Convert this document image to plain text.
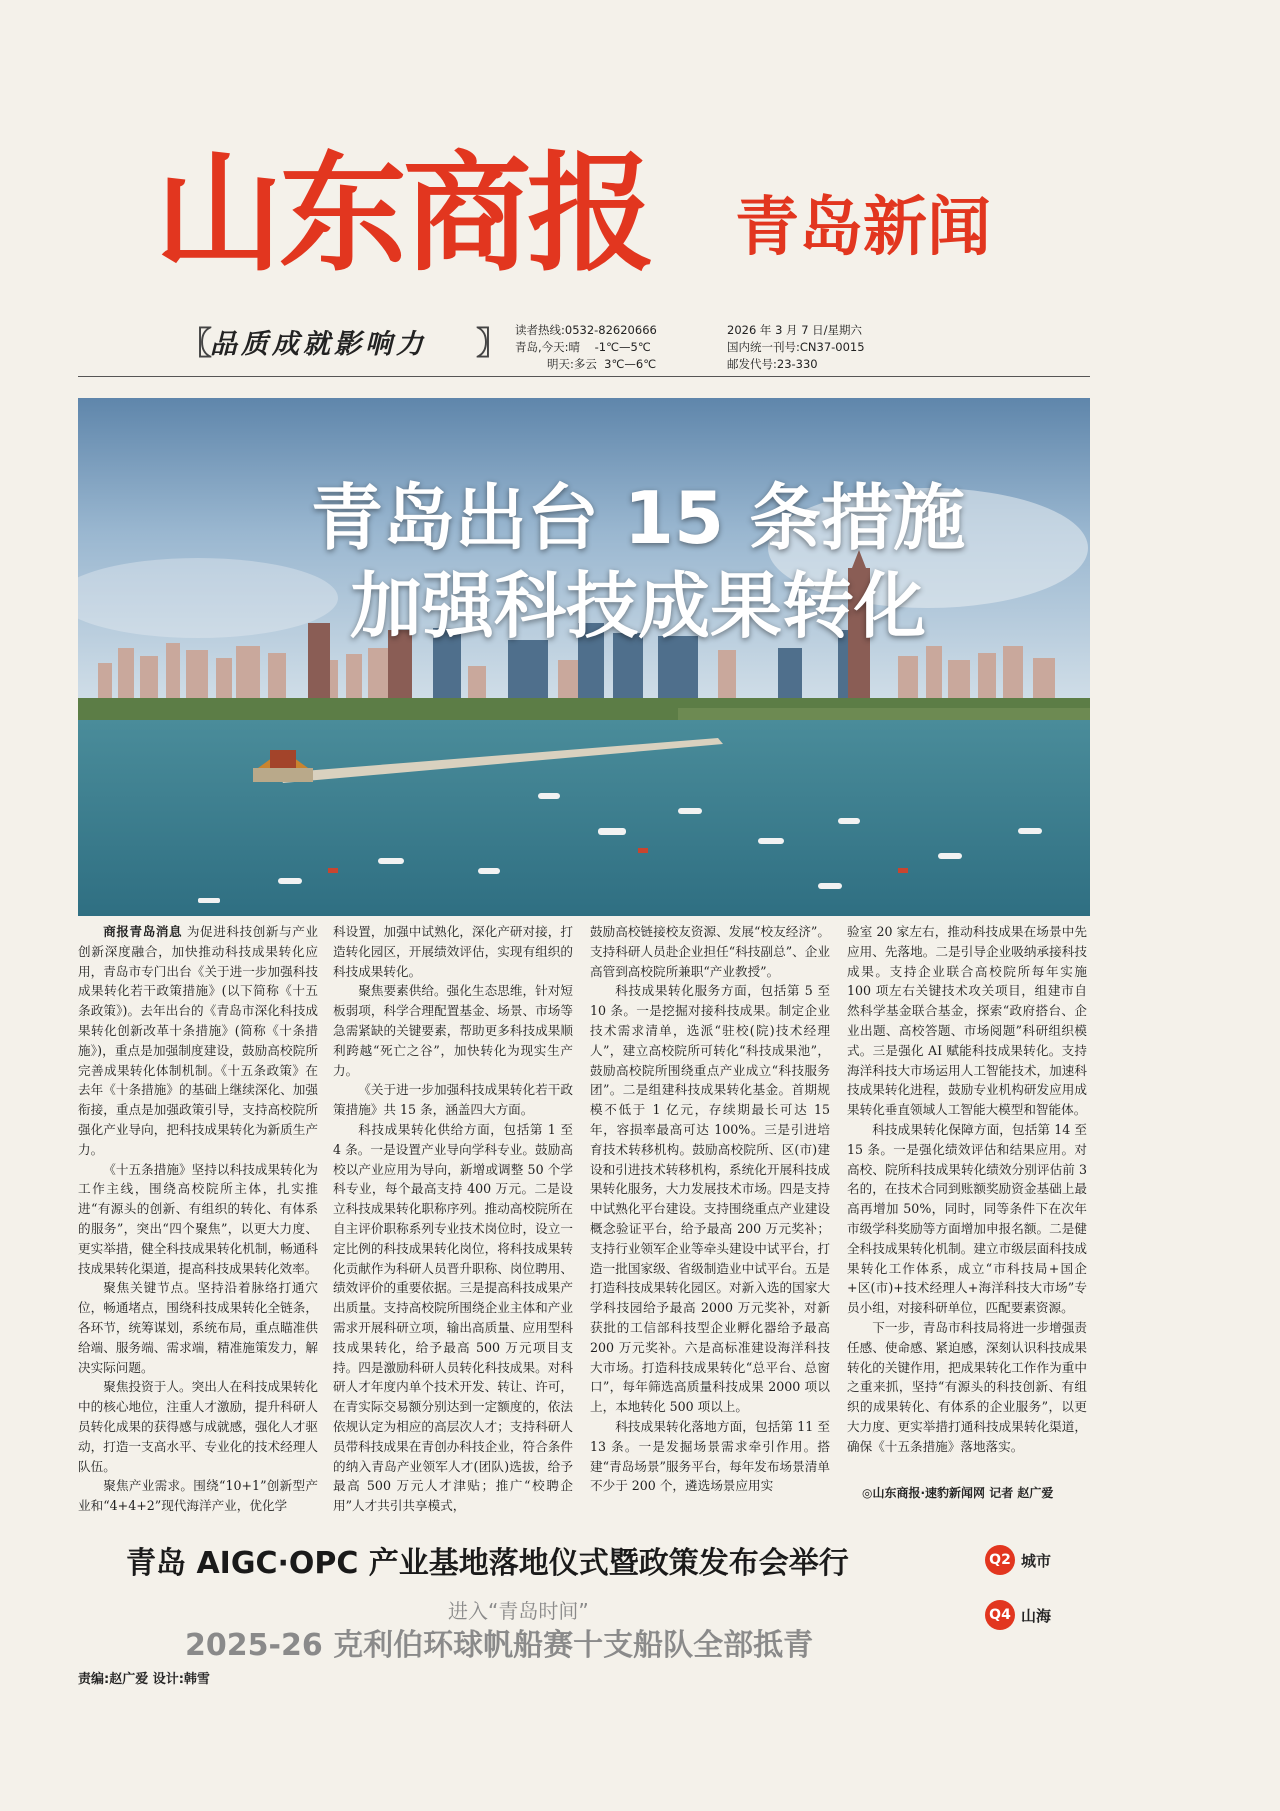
山东商报 青岛新闻
〖
品质成就影响力 〗 读者热线:0532-82620666
青岛,今天:晴    -1℃—5℃
明天:多云  3℃—6℃
2026 年 3 月 7 日/星期六
国内统一刊号:CN37-0015
邮发代号:23-330
青岛出台 15 条措施
加强科技成果转化

商报青岛消息 为促进科技创新与产业创新深度融合，加快推动科技成果转化应用，青岛市专门出台《关于进一步加强科技成果转化若干政策措施》(以下简称《十五条政策》)。去年出台的《青岛市深化科技成果转化创新改革十条措施》(简称《十条措施》)，重点是加强制度建设，鼓励高校院所完善成果转化体制机制。《十五条政策》在去年《十条措施》的基础上继续深化、加强衔接，重点是加强政策引导，支持高校院所强化产业导向，把科技成果转化为新质生产力。

《十五条措施》坚持以科技成果转化为工作主线，围绕高校院所主体，扎实推进“有源头的创新、有组织的转化、有体系的服务”，突出“四个聚焦”，以更大力度、更实举措，健全科技成果转化机制，畅通科技成果转化渠道，提高科技成果转化效率。

聚焦关键节点。坚持沿着脉络打通穴位，畅通堵点，围绕科技成果转化全链条，各环节，统筹谋划，系统布局，重点瞄准供给端、服务端、需求端，精准施策发力，解决实际问题。

聚焦投资于人。突出人在科技成果转化中的核心地位，注重人才激励，提升科研人员转化成果的获得感与成就感，强化人才驱动，打造一支高水平、专业化的技术经理人队伍。

聚焦产业需求。围绕“10+1”创新型产业和“4+4+2”现代海洋产业，优化学

科设置，加强中试熟化，深化产研对接，打造转化园区，开展绩效评估，实现有组织的科技成果转化。

聚焦要素供给。强化生态思维，针对短板弱项，科学合理配置基金、场景、市场等急需紧缺的关键要素，帮助更多科技成果顺利跨越“死亡之谷”，加快转化为现实生产力。

《关于进一步加强科技成果转化若干政策措施》共 15 条，涵盖四大方面。

科技成果转化供给方面，包括第 1 至 4 条。一是设置产业导向学科专业。鼓励高校以产业应用为导向，新增或调整 50 个学科专业，每个最高支持 400 万元。二是设立科技成果转化职称序列。推动高校院所在自主评价职称系列专业技术岗位时，设立一定比例的科技成果转化岗位，将科技成果转化贡献作为科研人员晋升职称、岗位聘用、绩效评价的重要依据。三是提高科技成果产出质量。支持高校院所围绕企业主体和产业需求开展科研立项，输出高质量、应用型科技成果转化，给予最高 500 万元项目支持。四是激励科研人员转化科技成果。对科研人才年度内单个技术开发、转让、许可，在青实际交易额分别达到一定额度的，依法依规认定为相应的高层次人才；支持科研人员带科技成果在青创办科技企业，符合条件的纳入青岛产业领军人才(团队)选拔，给予最高 500 万元人才津贴；推广“校聘企用”人才共引共享模式，

鼓励高校链接校友资源、发展“校友经济”。支持科研人员赴企业担任“科技副总”、企业高管到高校院所兼职“产业教授”。

科技成果转化服务方面，包括第 5 至 10 条。一是挖掘对接科技成果。制定企业技术需求清单，选派“驻校(院)技术经理人”，建立高校院所可转化“科技成果池”，鼓励高校院所围绕重点产业成立“科技服务团”。二是组建科技成果转化基金。首期规模不低于 1 亿元，存续期最长可达 15 年，容损率最高可达 100%。三是引进培育技术转移机构。鼓励高校院所、区(市)建设和引进技术转移机构，系统化开展科技成果转化服务，大力发展技术市场。四是支持中试熟化平台建设。支持围绕重点产业建设概念验证平台，给予最高 200 万元奖补；支持行业领军企业等牵头建设中试平台，打造一批国家级、省级制造业中试平台。五是打造科技成果转化园区。对新入选的国家大学科技园给予最高 2000 万元奖补，对新获批的工信部科技型企业孵化器给予最高 200 万元奖补。六是高标准建设海洋科技大市场。打造科技成果转化“总平台、总窗口”，每年筛选高质量科技成果 2000 项以上，本地转化 500 项以上。

科技成果转化落地方面，包括第 11 至 13 条。一是发掘场景需求牵引作用。搭建“青岛场景”服务平台，每年发布场景清单不少于 200 个，遴选场景应用实

验室 20 家左右，推动科技成果在场景中先应用、先落地。二是引导企业吸纳承接科技成果。支持企业联合高校院所每年实施 100 项左右关键技术攻关项目，组建市自然科学基金联合基金，探索“政府搭台、企业出题、高校答题、市场阅题”科研组织模式。三是强化 AI 赋能科技成果转化。支持海洋科技大市场运用人工智能技术，加速科技成果转化进程，鼓励专业机构研发应用成果转化垂直领域人工智能大模型和智能体。

科技成果转化保障方面，包括第 14 至 15 条。一是强化绩效评估和结果应用。对高校、院所科技成果转化绩效分别评估前 3 名的，在技术合同到账额奖励资金基础上最高再增加 50%，同时，同等条件下在次年市级学科奖励等方面增加申报名额。二是健全科技成果转化机制。建立市级层面科技成果转化工作体系，成立“市科技局+国企+区(市)+技术经理人+海洋科技大市场”专员小组，对接科研单位，匹配要素资源。

下一步，青岛市科技局将进一步增强责任感、使命感、紧迫感，深刻认识科技成果转化的关键作用，把成果转化工作作为重中之重来抓，坚持“有源头的科技创新、有组织的成果转化、有体系的企业服务”，以更大力度、更实举措打通科技成果转化渠道，确保《十五条措施》落地落实。

◎山东商报·速豹新闻网 记者 赵广爱
青岛 AIGC·OPC 产业基地落地仪式暨政策发布会举行
进入“青岛时间”
2025-26 克利伯环球帆船赛十支船队全部抵青
Q2 城市
Q4 山海
责编:赵广爱 设计:韩雪
